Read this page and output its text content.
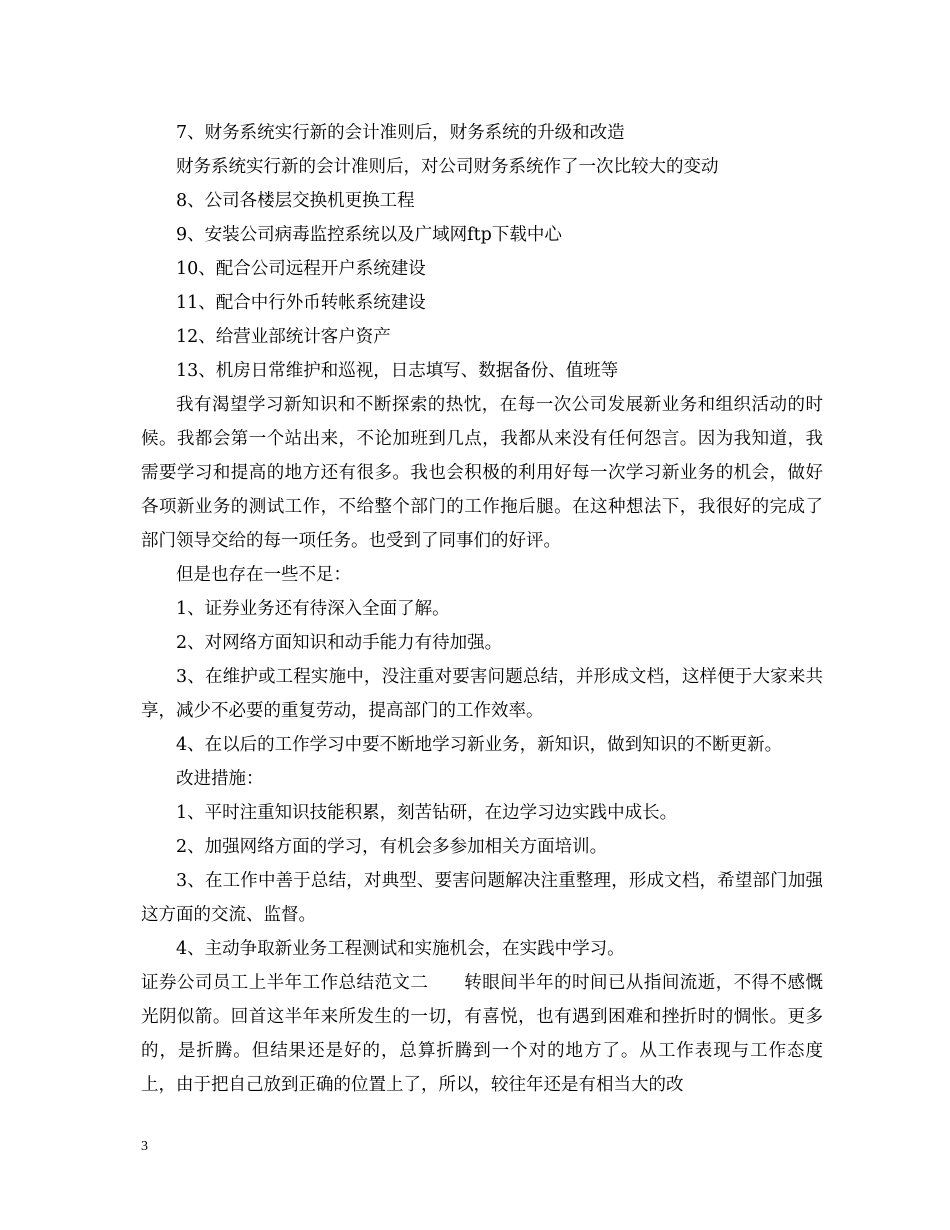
7、财务系统实行新的会计准则后，财务系统的升级和改造

财务系统实行新的会计准则后，对公司财务系统作了一次比较大的变动

8、公司各楼层交换机更换工程

9、安装公司病毒监控系统以及广域网ftp下载中心

10、配合公司远程开户系统建设

11、配合中行外币转帐系统建设

12、给营业部统计客户资产

13、机房日常维护和巡视，日志填写、数据备份、值班等

我有渴望学习新知识和不断探索的热忱，在每一次公司发展新业务和组织活动的时候。我都会第一个站出来，不论加班到几点，我都从来没有任何怨言。因为我知道，我需要学习和提高的地方还有很多。我也会积极的利用好每一次学习新业务的机会，做好各项新业务的测试工作，不给整个部门的工作拖后腿。在这种想法下，我很好的完成了部门领导交给的每一项任务。也受到了同事们的好评。

但是也存在一些不足：

1、证券业务还有待深入全面了解。

2、对网络方面知识和动手能力有待加强。

3、在维护或工程实施中，没注重对要害问题总结，并形成文档，这样便于大家来共享，减少不必要的重复劳动，提高部门的工作效率。

4、在以后的工作学习中要不断地学习新业务，新知识，做到知识的不断更新。

改进措施：

1、平时注重知识技能积累，刻苦钻研，在边学习边实践中成长。

2、加强网络方面的学习，有机会多参加相关方面培训。

3、在工作中善于总结，对典型、要害问题解决注重整理，形成文档，希望部门加强这方面的交流、监督。

4、主动争取新业务工程测试和实施机会，在实践中学习。

证券公司员工上半年工作总结范文二　　 转眼间半年的时间已从指间流逝，不得不感慨光阴似箭。回首这半年来所发生的一切，有喜悦，也有遇到困难和挫折时的惆怅。更多的，是折腾。但结果还是好的，总算折腾到一个对的地方了。从工作表现与工作态度上，由于把自己放到正确的位置上了，所以，较往年还是有相当大的改

3
